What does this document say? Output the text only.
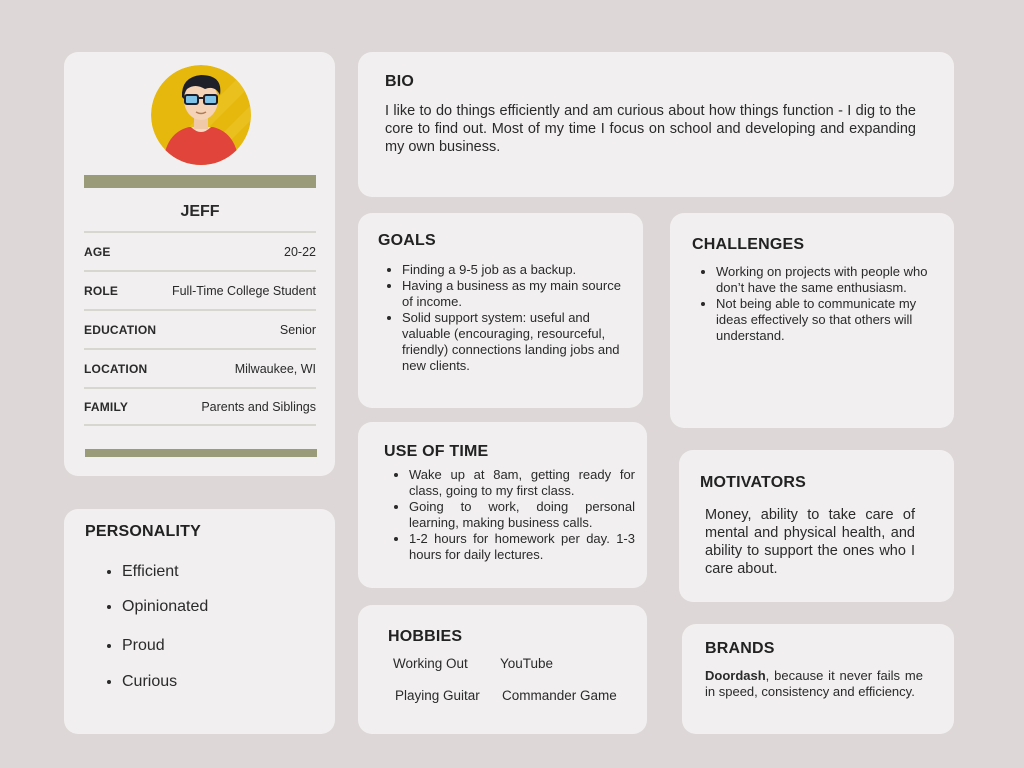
JEFF
AGE	20-22
ROLE	Full-Time College Student
EDUCATION	Senior
LOCATION	Milwaukee, WI
FAMILY	Parents and Siblings
BIO

I like to do things efficiently and am curious about how things function - I dig to the core to find out. Most of my time I focus on school and developing and expanding my own business.

GOALS
• Finding a 9-5 job as a backup.
• Having a business as my main source of income.
• Solid support system: useful and valuable (encouraging, resourceful, friendly) connections landing jobs and new clients.
CHALLENGES
• Working on projects with people who don’t have the same enthusiasm.
• Not being able to communicate my ideas effectively so that others will understand.
USE OF TIME
• Wake up at 8am, getting ready for class, going to my first class.
• Going to work, doing personal learning, making business calls.
• 1-2 hours for homework per day. 1-3 hours for daily lectures.
MOTIVATORS

Money, ability to take care of mental and physical health, and ability to support the ones who I care about.

PERSONALITY
• Efficient
• Opinionated
• Proud
• Curious
HOBBIES
Working Out YouTube
Playing Guitar Commander Game
BRANDS

Doordash, because it never fails me in speed, consistency and efficiency.
